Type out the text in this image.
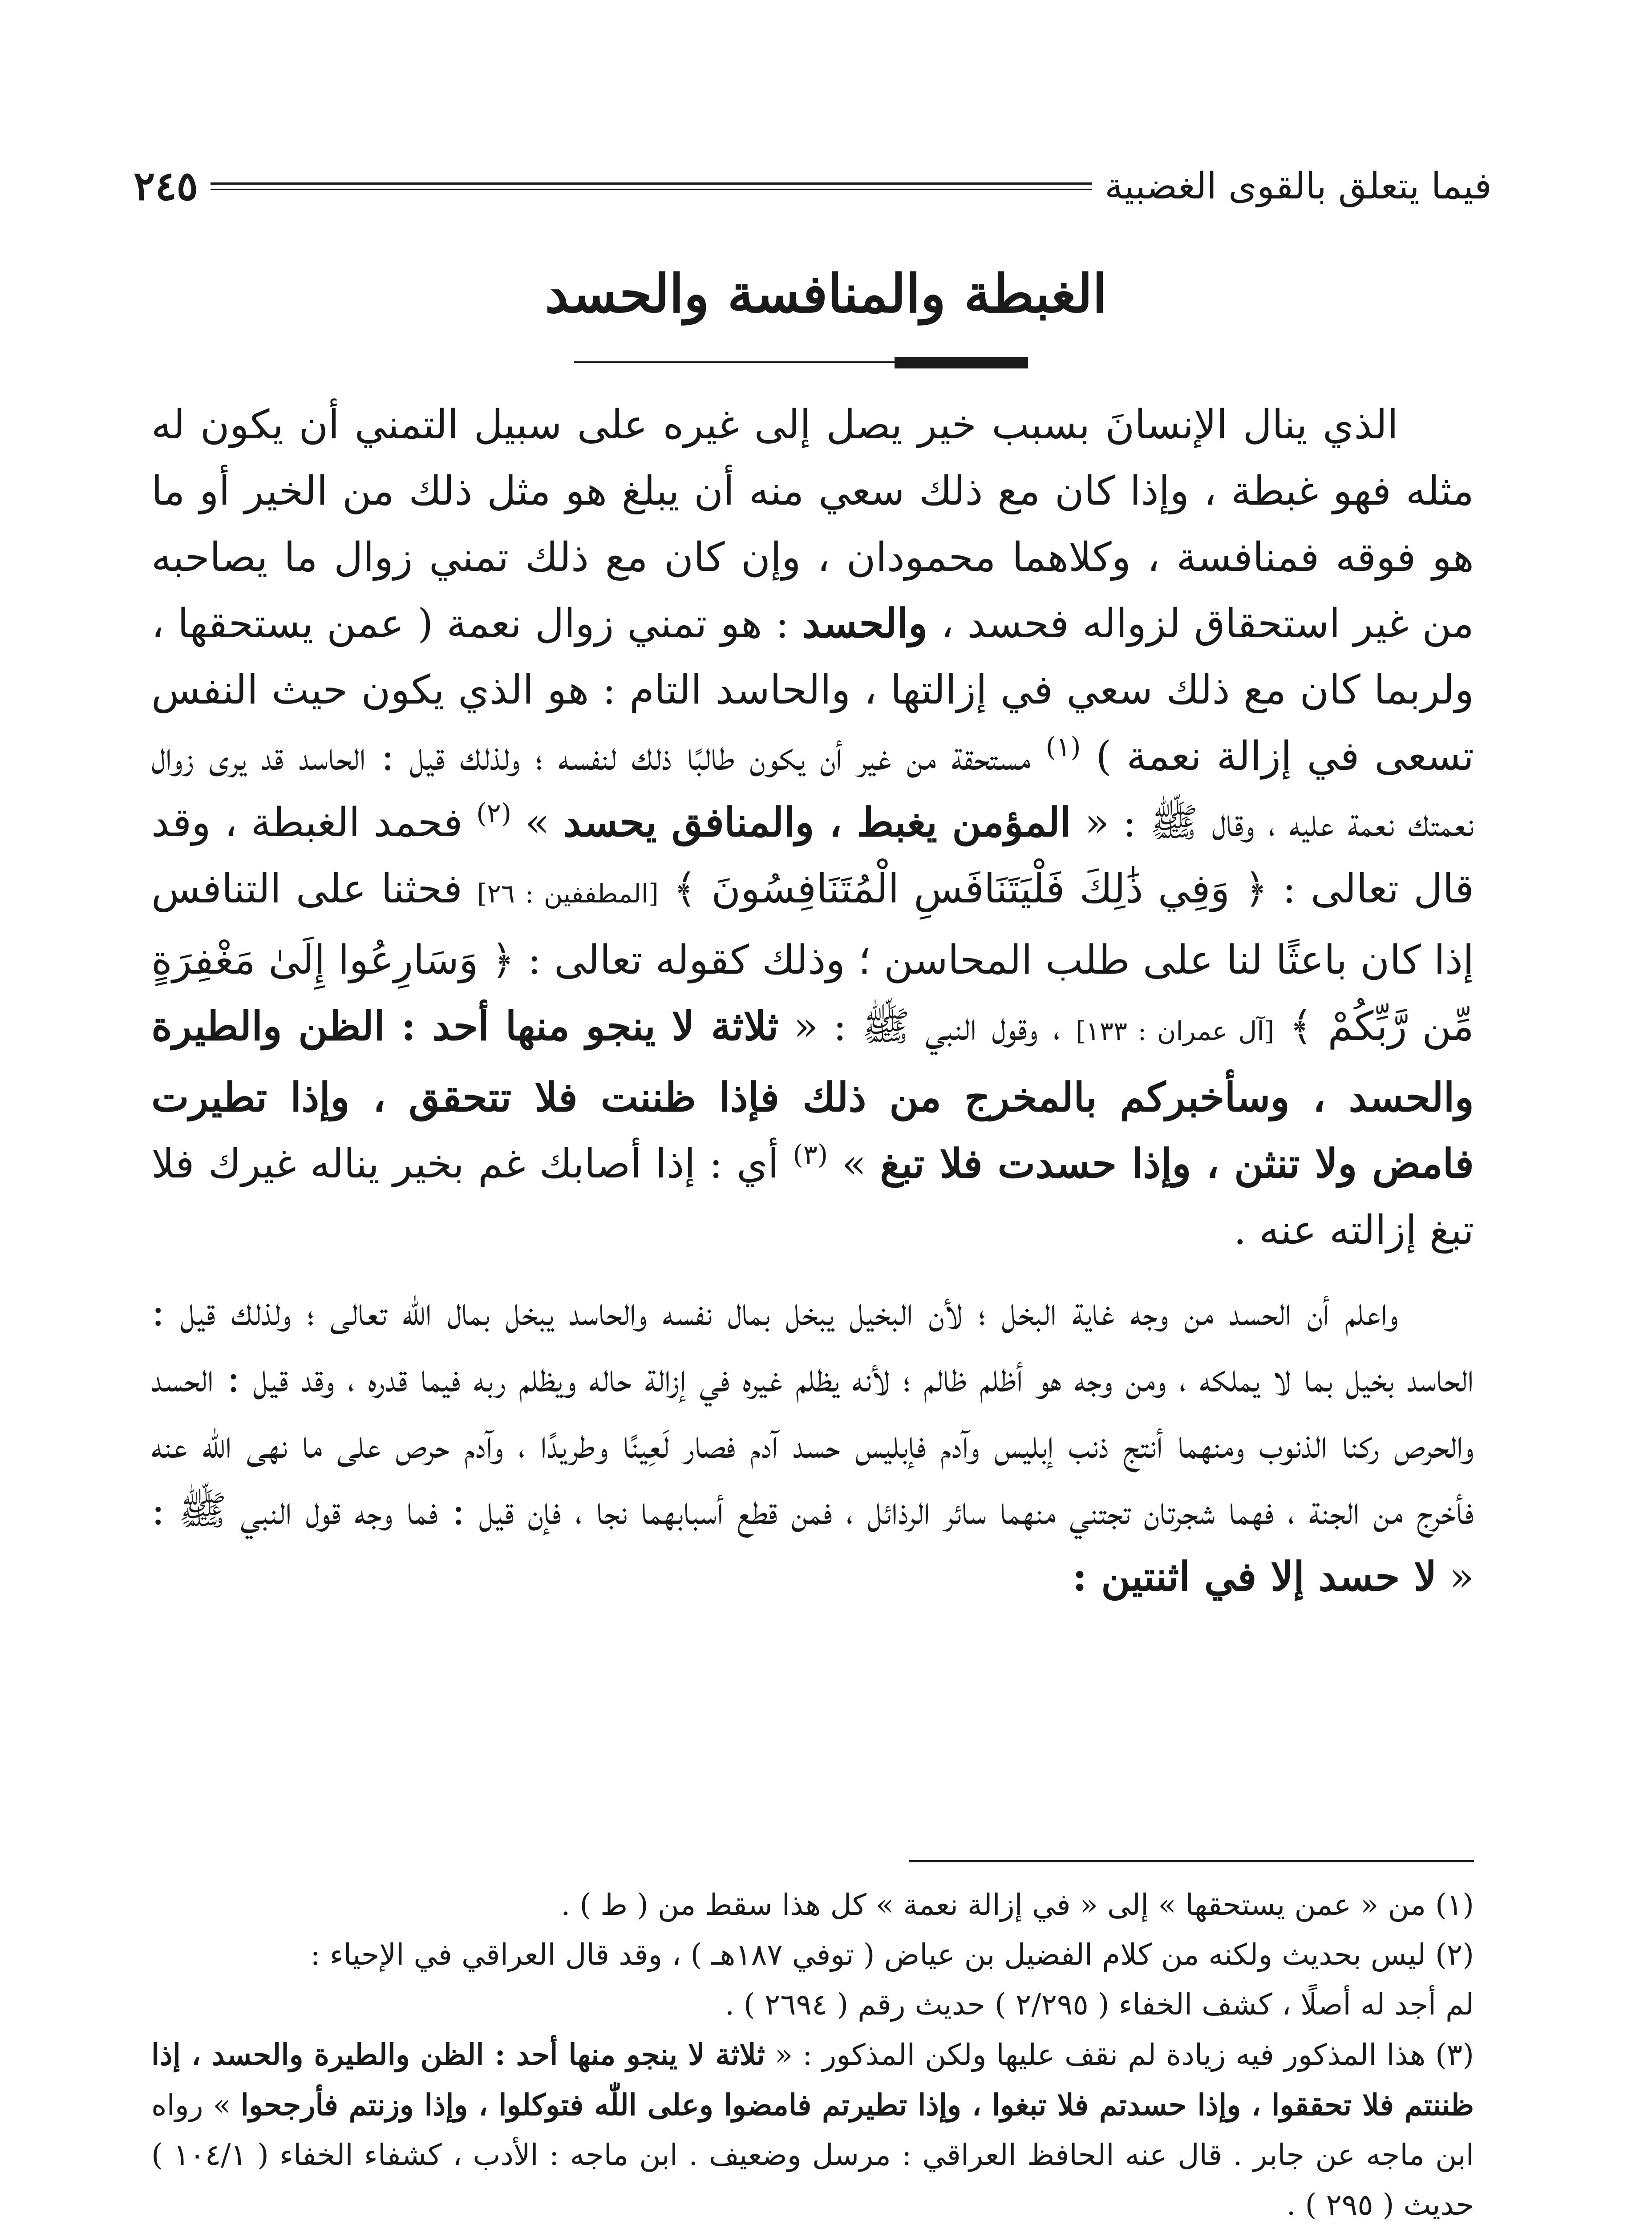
فيما يتعلق بالقوى الغضبية
٢٤٥
الغبطة والمنافسة والحسد

الذي ينال الإنسانَ بسبب خير يصل إلى غيره على سبيل التمني أن يكون له مثله فهو غبطة ، وإذا كان مع ذلك سعي منه أن يبلغ هو مثل ذلك من الخير أو ما هو فوقه فمنافسة ، وكلاهما محمودان ، وإن كان مع ذلك تمني زوال ما يصاحبه من غير استحقاق لزواله فحسد ، والحسد : هو تمني زوال نعمة ( عمن يستحقها ، ولربما كان مع ذلك سعي في إزالتها ، والحاسد التام : هو الذي يكون حيث النفس تسعى في إزالة نعمة ) $^{(١)}$ مستحقة من غير أن يكون طالبًا ذلك لنفسه ؛ ولذلك قيل : الحاسد قد يرى زوال نعمتك نعمة عليه ، وقال ﷺ : « المؤمن يغبط ، والمنافق يحسد » $^{(٢)}$ فحمد الغبطة ، وقد قال تعالى : ﴿ وَفِي ذَٰلِكَ فَلْيَتَنَافَسِ الْمُتَنَافِسُونَ ﴾ [المطففين : ٢٦] فحثنا على التنافس إذا كان باعثًا لنا على طلب المحاسن ؛ وذلك كقوله تعالى : ﴿ وَسَارِعُوا إِلَىٰ مَغْفِرَةٍ مِّن رَّبِّكُمْ ﴾ [آل عمران : ١٣٣] ، وقول النبي ﷺ : « ثلاثة لا ينجو منها أحد : الظن والطيرة والحسد ، وسأخبركم بالمخرج من ذلك فإذا ظننت فلا تتحقق ، وإذا تطيرت فامض ولا تنثن ، وإذا حسدت فلا تبغ » $^{(٣)}$ أي : إذا أصابك غم بخير يناله غيرك فلا تبغ إزالته عنه .

واعلم أن الحسد من وجه غاية البخل ؛ لأن البخيل يبخل بمال نفسه والحاسد يبخل بمال اللّٰه تعالى ؛ ولذلك قيل : الحاسد بخيل بما لا يملكه ، ومن وجه هو أظلم ظالم ؛ لأنه يظلم غيره في إزالة حاله ويظلم ربه فيما قدره ، وقد قيل : الحسد والحرص ركنا الذنوب ومنهما أنتج ذنب إبليس وآدم فإبليس حسد آدم فصار لَعِينًا وطريدًا ، وآدم حرص على ما نهى اللّٰه عنه فأخرج من الجنة ، فهما شجرتان تجتني منهما سائر الرذائل ، فمن قطع أسبابهما نجا ، فإن قيل : فما وجه قول النبي ﷺ : « لا حسد إلا في اثنتين :

(١) من « عمن يستحقها » إلى « في إزالة نعمة » كل هذا سقط من ( ط ) .

(٢) ليس بحديث ولكنه من كلام الفضيل بن عياض ( توفي ١٨٧هـ ) ، وقد قال العراقي في الإحياء :

لم أجد له أصلًا ، كشف الخفاء ( ٢/٢٩٥ ) حديث رقم ( ٢٦٩٤ ) .

(٣) هذا المذكور فيه زيادة لم نقف عليها ولكن المذكور : « ثلاثة لا ينجو منها أحد : الظن والطيرة والحسد ، إذا ظننتم فلا تحققوا ، وإذا حسدتم فلا تبغوا ، وإذا تطيرتم فامضوا وعلى اللّٰه فتوكلوا ، وإذا وزنتم فأرجحوا » رواه ابن ماجه عن جابر . قال عنه الحافظ العراقي : مرسل وضعيف . ابن ماجه : الأدب ، كشفاء الخفاء ( ١٠٤/١ ) حديث ( ٢٩٥ ) .
